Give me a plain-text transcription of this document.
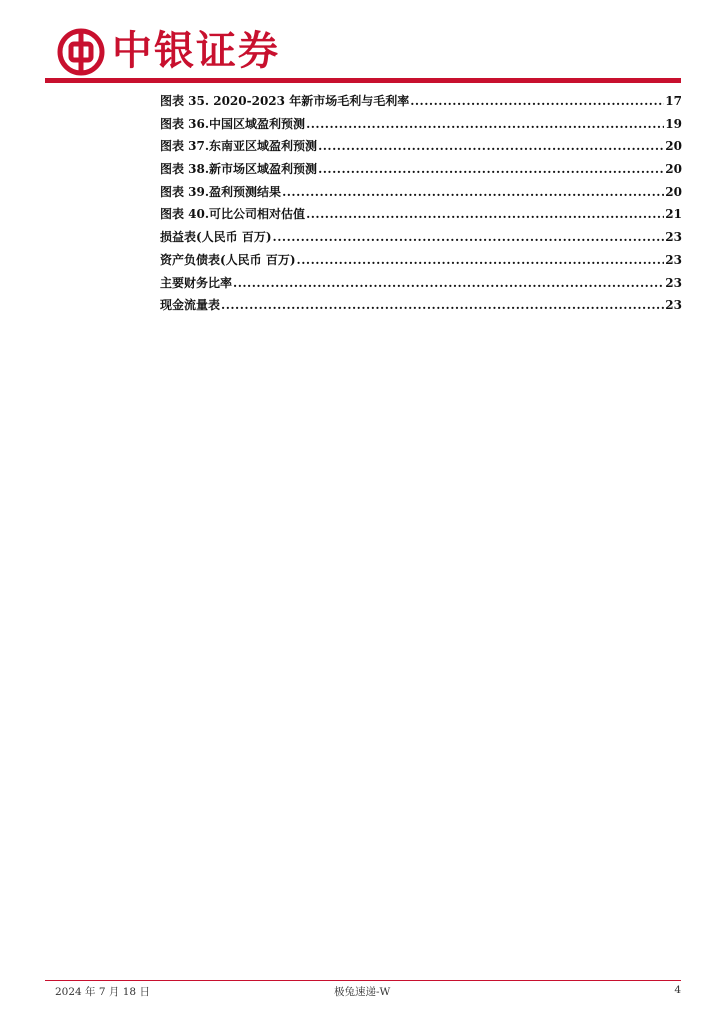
中银证券
图表 35. 2020-2023 年新市场毛利与毛利率 .....	17
图表 36.中国区域盈利预测 .....	19
图表 37.东南亚区域盈利预测 .....	20
图表 38.新市场区域盈利预测 .....	20
图表 39.盈利预测结果 .....	20
图表 40.可比公司相对估值 .....	21
损益表(人民币 百万) .....	23
资产负债表(人民币 百万) .....	23
主要财务比率 .....	23
现金流量表 .....	23
2024 年 7 月 18 日	极兔速递-W	4
